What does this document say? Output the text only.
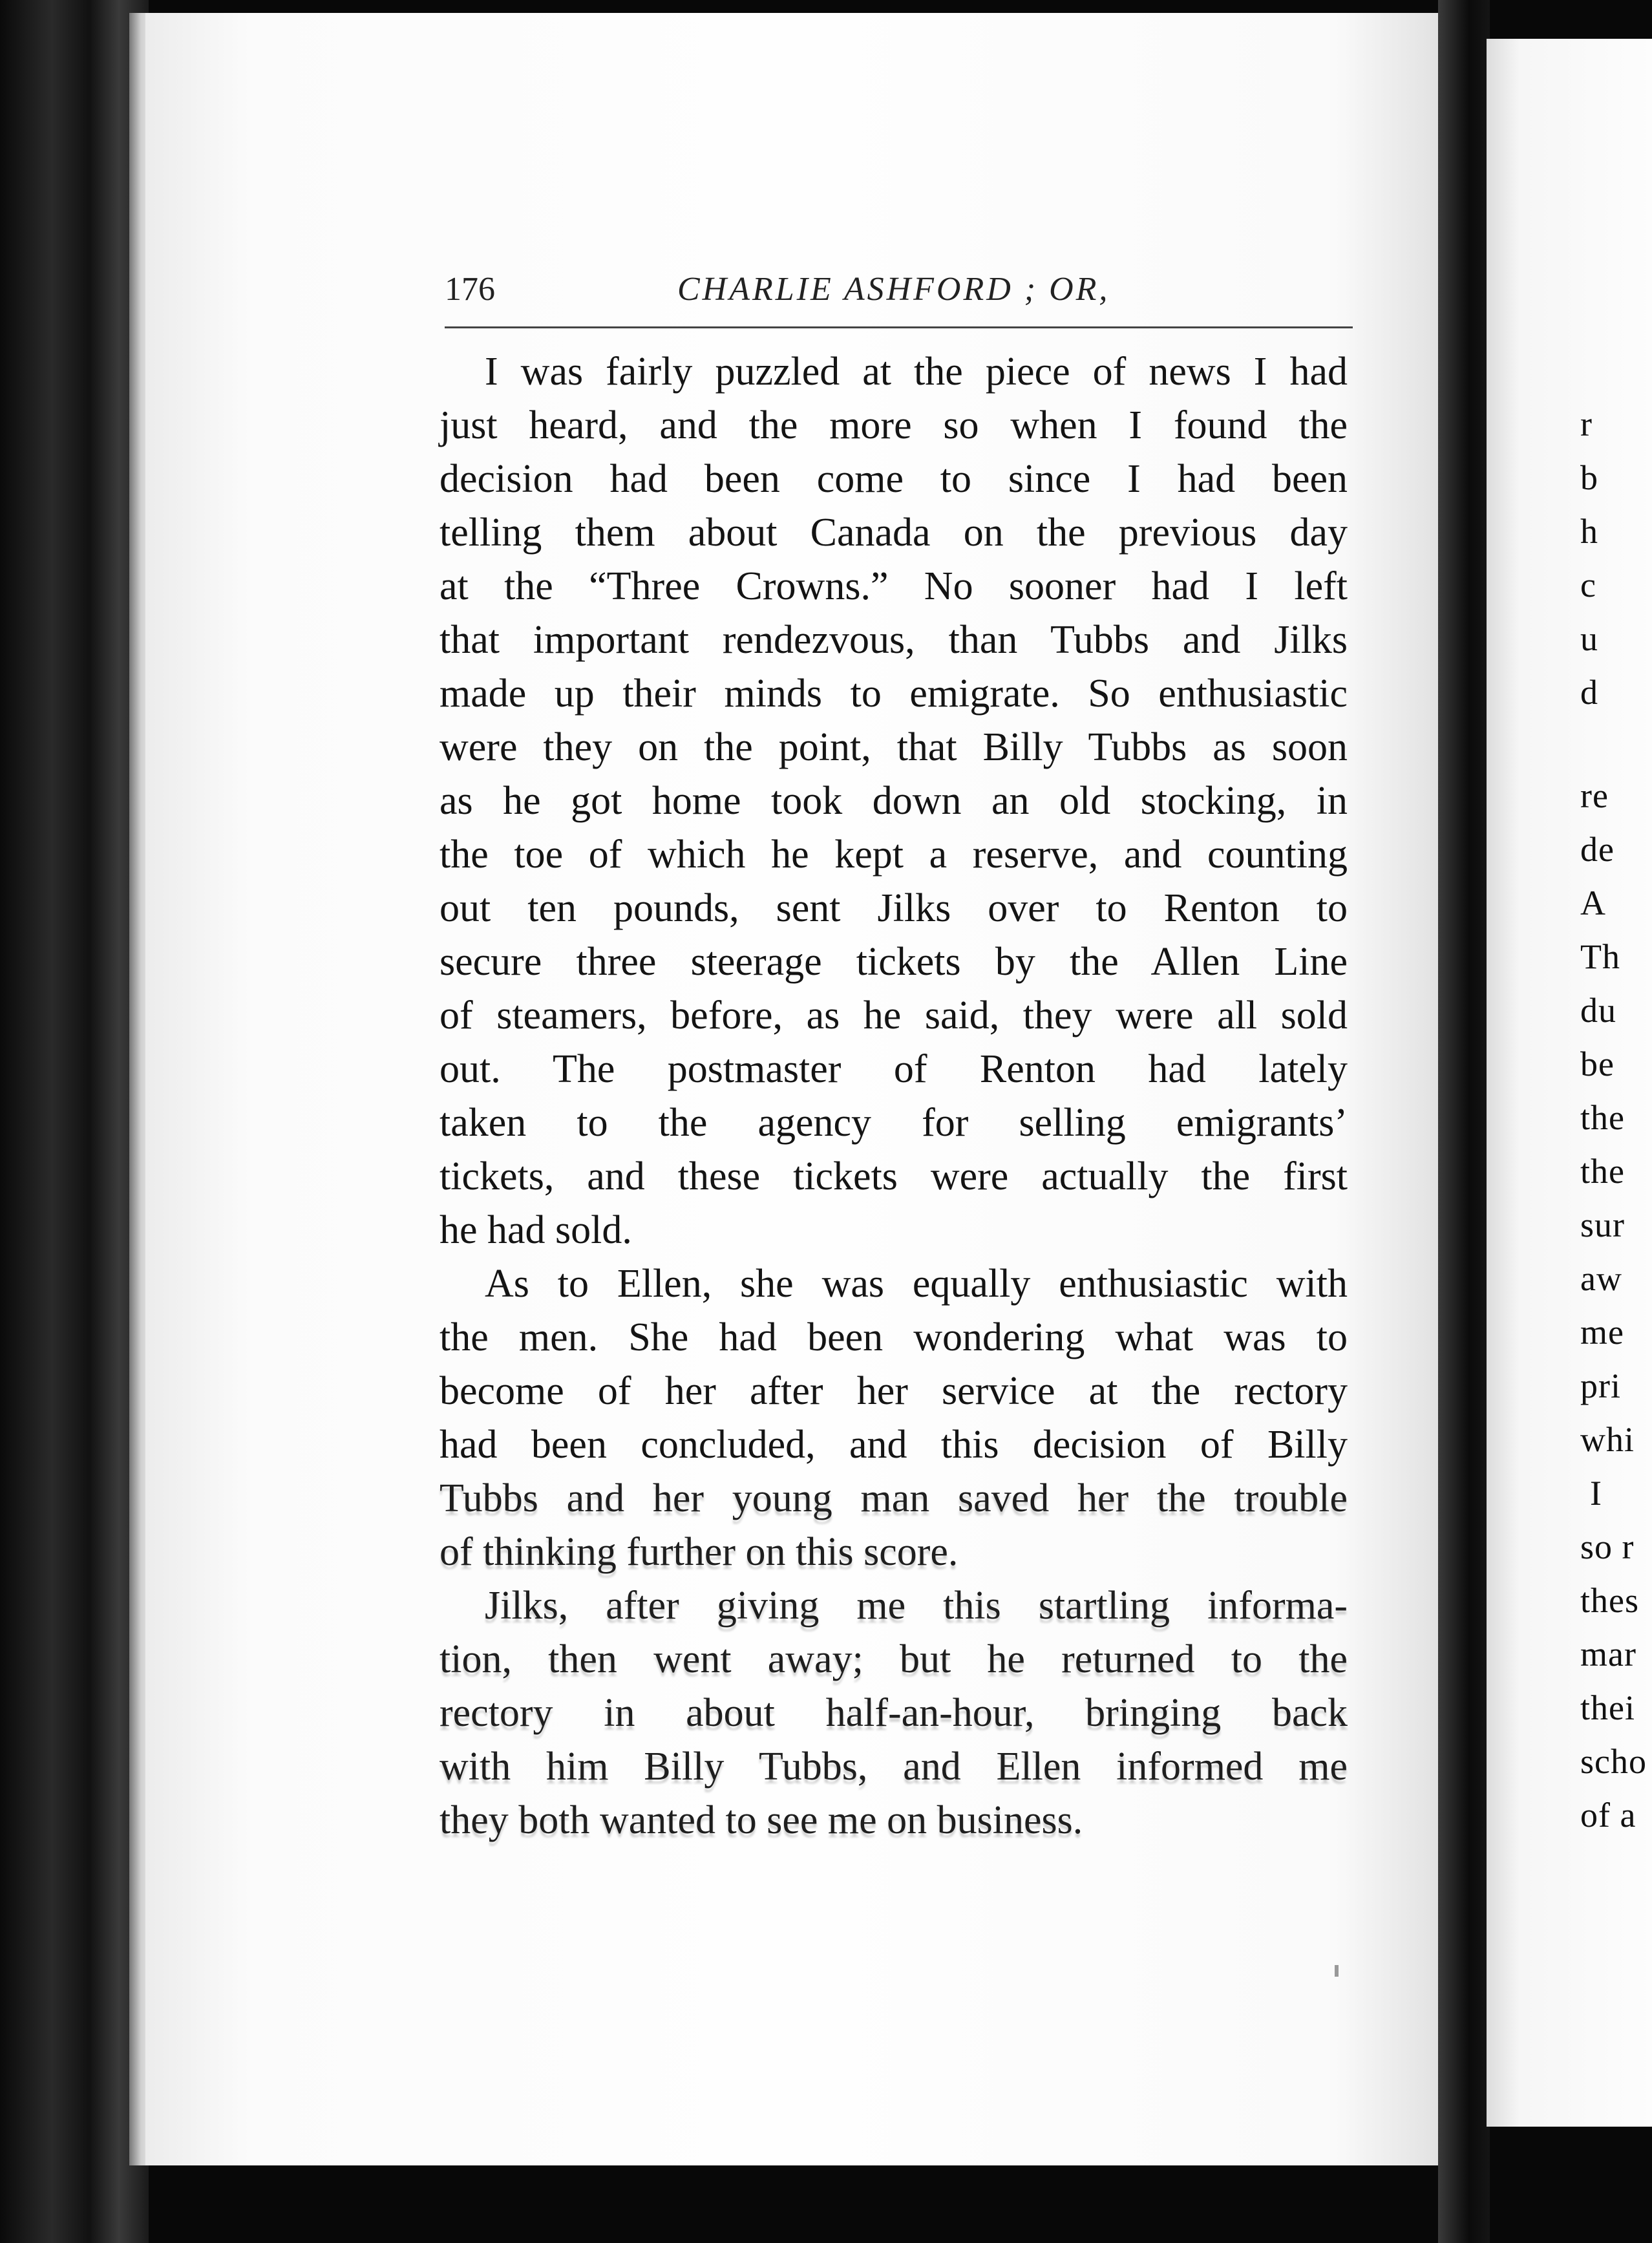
176	CHARLIE ASHFORD ; OR,
I was fairly puzzled at the piece of news I had
just heard, and the more so when I found the
decision had been come to since I had been
telling them about Canada on the previous day
at the “Three Crowns.” No sooner had I left
that important rendezvous, than Tubbs and Jilks
made up their minds to emigrate. So enthusiastic
were they on the point, that Billy Tubbs as soon
as he got home took down an old stocking, in
the toe of which he kept a reserve, and counting
out ten pounds, sent Jilks over to Renton to
secure three steerage tickets by the Allen Line
of steamers, before, as he said, they were all sold
out. The postmaster of Renton had lately
taken to the agency for selling emigrants’
tickets, and these tickets were actually the first
he had sold.
As to Ellen, she was equally enthusiastic with
the men. She had been wondering what was to
become of her after her service at the rectory
had been concluded, and this decision of Billy
Tubbs and her young man saved her the trouble
of thinking further on this score.
Jilks, after giving me this startling informa-
tion, then went away; but he returned to the
rectory in about half-an-hour, bringing back
with him Billy Tubbs, and Ellen informed me
they both wanted to see me on business.
r
b
h
c
u
d
re
de
A
Th
du
be
the
the
sur
aw
me
pri
whi
I
so r
thes
mar
thei
scho
of a
